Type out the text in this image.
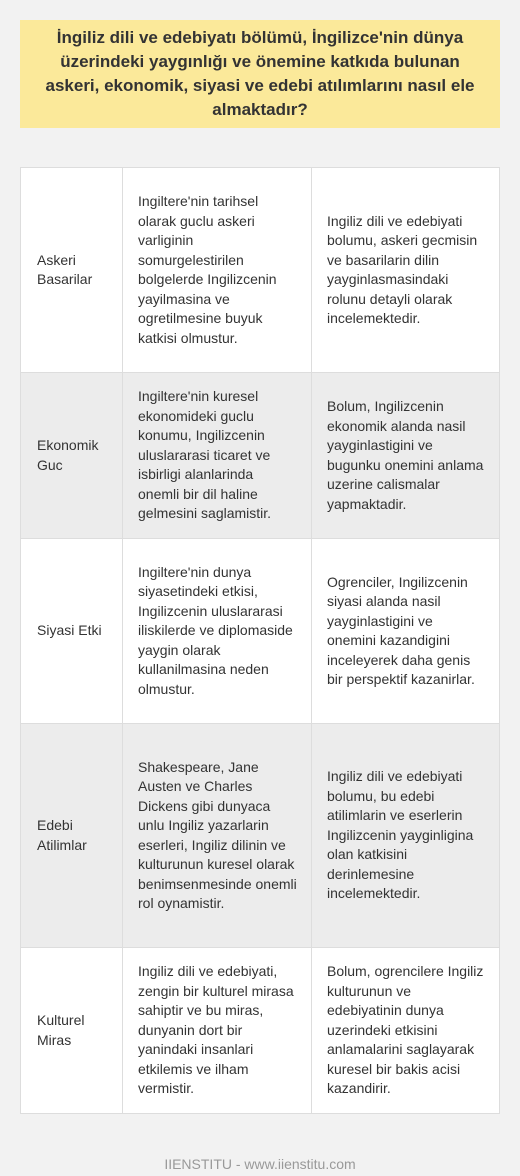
İngiliz dili ve edebiyatı bölümü, İngilizce'nin dünya üzerindeki yaygınlığı ve önemine katkıda bulunan askeri, ekonomik, siyasi ve edebi atılımlarını nasıl ele almaktadır?
Askeri Basarilar	Ingiltere'nin tarihsel olarak guclu askeri varliginin somurgelestirilen bolgelerde Ingilizcenin yayilmasina ve ogretilmesine buyuk katkisi olmustur.	Ingiliz dili ve edebiyati bolumu, askeri gecmisin ve basarilarin dilin yayginlasmasindaki rolunu detayli olarak incelemektedir.
Ekonomik Guc	Ingiltere'nin kuresel ekonomideki guclu konumu, Ingilizcenin uluslararasi ticaret ve isbirligi alanlarinda onemli bir dil haline gelmesini saglamistir.	Bolum, Ingilizcenin ekonomik alanda nasil yayginlastigini ve bugunku onemini anlama uzerine calismalar yapmaktadir.
Siyasi Etki	Ingiltere'nin dunya siyasetindeki etkisi, Ingilizcenin uluslararasi iliskilerde ve diplomaside yaygin olarak kullanilmasina neden olmustur.	Ogrenciler, Ingilizcenin siyasi alanda nasil yayginlastigini ve onemini kazandigini inceleyerek daha genis bir perspektif kazanirlar.
Edebi Atilimlar	Shakespeare, Jane Austen ve Charles Dickens gibi dunyaca unlu Ingiliz yazarlarin eserleri, Ingiliz dilinin ve kulturunun kuresel olarak benimsenmesinde onemli rol oynamistir.	Ingiliz dili ve edebiyati bolumu, bu edebi atilimlarin ve eserlerin Ingilizcenin yayginligina olan katkisini derinlemesine incelemektedir.
Kulturel Miras	Ingiliz dili ve edebiyati, zengin bir kulturel mirasa sahiptir ve bu miras, dunyanin dort bir yanindaki insanlari etkilemis ve ilham vermistir.	Bolum, ogrencilere Ingiliz kulturunun ve edebiyatinin dunya uzerindeki etkisini anlamalarini saglayarak kuresel bir bakis acisi kazandirir.
IIENSTITU - www.iienstitu.com
